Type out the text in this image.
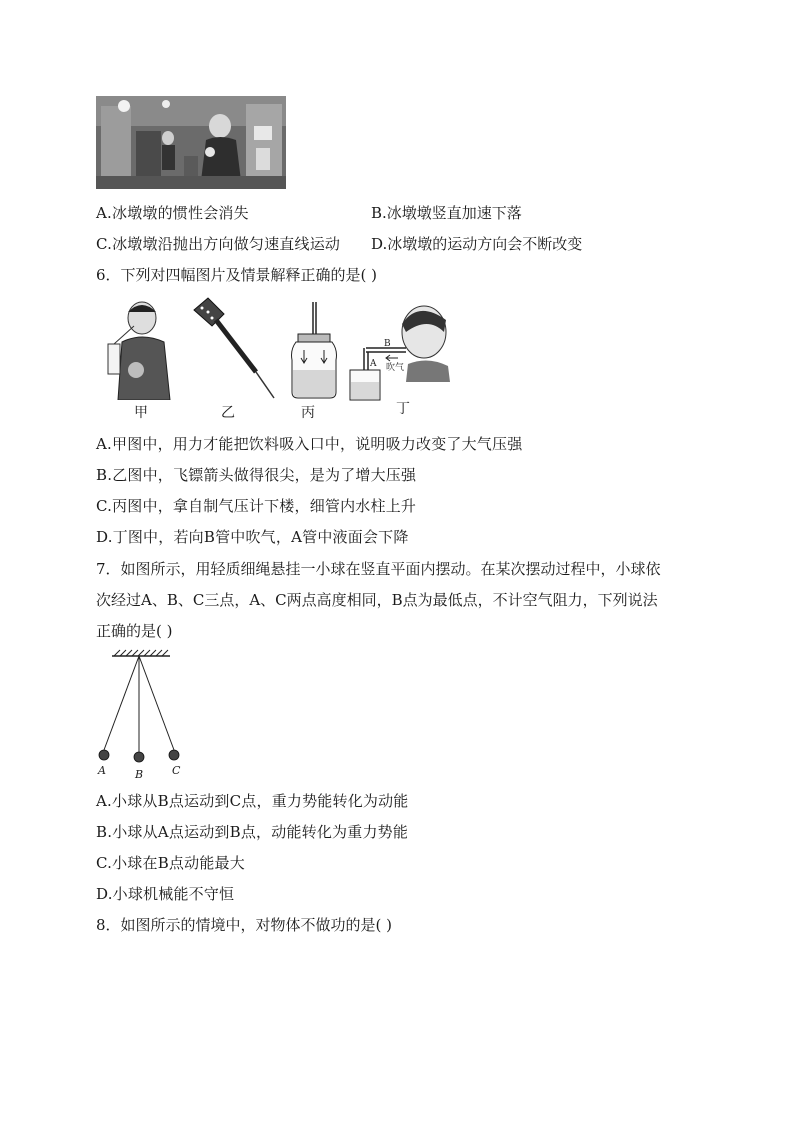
A.冰墩墩的惯性会消失	B.冰墩墩竖直加速下落
C.冰墩墩沿抛出方向做匀速直线运动 D.冰墩墩的运动方向会不断改变
6．下列对四幅图片及情景解释正确的是( )
甲	乙	丙
B
A 吹气
丁
A.甲图中，用力才能把饮料吸入口中，说明吸力改变了大气压强
B.乙图中，飞镖箭头做得很尖，是为了增大压强
C.丙图中，拿自制气压计下楼，细管内水柱上升
D.丁图中，若向B管中吹气，A管中液面会下降
7．如图所示，用轻质细绳悬挂一小球在竖直平面内摆动。在某次摆动过程中，小球依
次经过A、B、C三点，A、C两点高度相同，B点为最低点，不计空气阻力，下列说法
正确的是( )
A	B	C
A.小球从B点运动到C点，重力势能转化为动能
B.小球从A点运动到B点，动能转化为重力势能
C.小球在B点动能最大
D.小球机械能不守恒
8．如图所示的情境中，对物体不做功的是( )
